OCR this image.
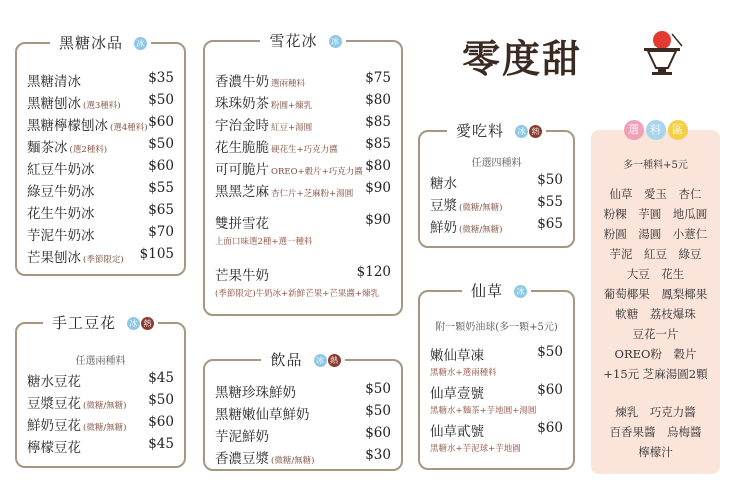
零度甜
黑糖冰品 冰
黑糖清冰	$35
黑糖刨冰 (選3種料) $50
黑糖檸檬刨冰 (選4種料) $60
麵茶冰 (選2種料)	$50
紅豆牛奶冰	$60
綠豆牛奶冰	$55
花生牛奶冰	$65
芋泥牛奶冰	$70
芒果刨冰 (季節限定) $105
手工豆花 冰 熱
任選兩種料
糖水豆花	$45
豆漿豆花 (微糖/無糖) $50
鮮奶豆花 (微糖/無糖) $60
檸檬豆花	$45
雪花冰 冰
香濃牛奶 選兩種料	$75
珠珠奶茶 粉圓+煉乳	$80
宇治金時 紅豆+湯圓	$85
花生脆脆 硬花生+巧克力醬 $85
可可脆片 OREO+穀片+巧克力醬 $80
黑黑芝麻 杏仁片+芝麻粉+湯圓 $90
雙拼雪花	$90
上面口味選2種+選一種料
芒果牛奶	$120
(季節限定)牛奶冰+新鮮芒果+芒果醬+煉乳
飲品 冰 熱
黑糖珍珠鮮奶	$50
黑糖嫩仙草鮮奶	$50
芋泥鮮奶	$60
香濃豆漿 (微糖/無糖)	$30
愛吃料 冰 熱
任選四種料
糖水	$50
豆漿 (微糖/無糖)	$55
鮮奶 (微糖/無糖)	$65
仙草 冰
附一顆奶油球(多一顆+5元)
嫩仙草凍	$50
黑糖水+選兩種料
仙草壹號	$60
黑糖水+麵茶+芋地圓+湯圓
仙草貳號	$60
黑糖水+芋泥球+芋地圓
選 料 區
多一種料+5元
仙草　愛玉　杏仁
粉粿　芋圓　地瓜圓
粉圓　湯圓　小薏仁
芋泥　紅豆　綠豆
大豆　花生
葡萄椰果　鳳梨椰果
軟糖　荔枝爆珠
豆花一片
OREO粉　穀片
+15元 芝麻湯圓2顆
煉乳　巧克力醬
百香果醬　烏梅醬
檸檬汁
